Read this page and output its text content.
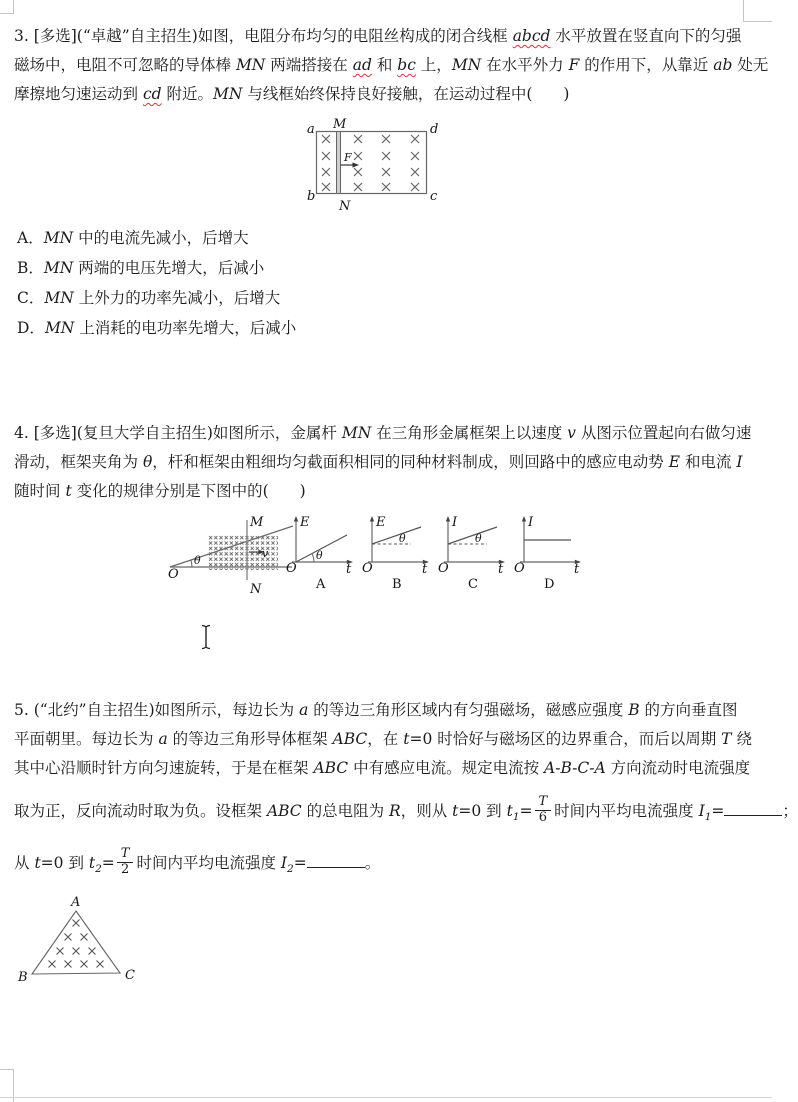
3. [多选](“卓越”自主招生)如图，电阻分布均匀的电阻丝构成的闭合线框 abcd 水平放置在竖直向下的匀强
磁场中，电阻不可忽略的导体棒 MN 两端搭接在 ad 和 bc 上，MN 在水平外力 F 的作用下，从靠近 ab 处无
摩擦地匀速运动到 cd 附近。MN 与线框始终保持良好接触，在运动过程中(　　)
a M	d
b
N
c
F
A．MN 中的电流先减小，后增大
B．MN 两端的电压先增大，后减小
C．MN 上外力的功率先减小，后增大
D．MN 上消耗的电功率先增大，后减小
4. [多选](复旦大学自主招生)如图所示，金属杆 MN 在三角形金属框架上以速度 v 从图示位置起向右做匀速
滑动，框架夹角为 θ，杆和框架由粗细均匀截面积相同的同种材料制成，则回路中的感应电动势 E 和电流 I
随时间 t 变化的规律分别是下图中的(　　)
O
θ
M
N
v
E
t
O
θ
A
E
t
O
θ
B
I
t
O
θ
C
I
t
O
D
5. (“北约”自主招生)如图所示，每边长为 a 的等边三角形区域内有匀强磁场，磁感应强度 B 的方向垂直图
平面朝里。每边长为 a 的等边三角形导体框架 ABC，在 t=0 时恰好与磁场区的边界重合，而后以周期 T 绕
其中心沿顺时针方向匀速旋转，于是在框架 ABC 中有感应电流。规定电流按 A-B-C-A 方向流动时电流强度
取为正，反向流动时取为负。设框架 ABC 的总电阻为 R，则从 t=0 到 $t_1= \frac{T}{6}$ 时间内平均电流强度 $I_1=$	；
从 t=0 到 $t_2= \frac{T}{2}$ 时间内平均电流强度 $I_2=$	。
A
B	C
